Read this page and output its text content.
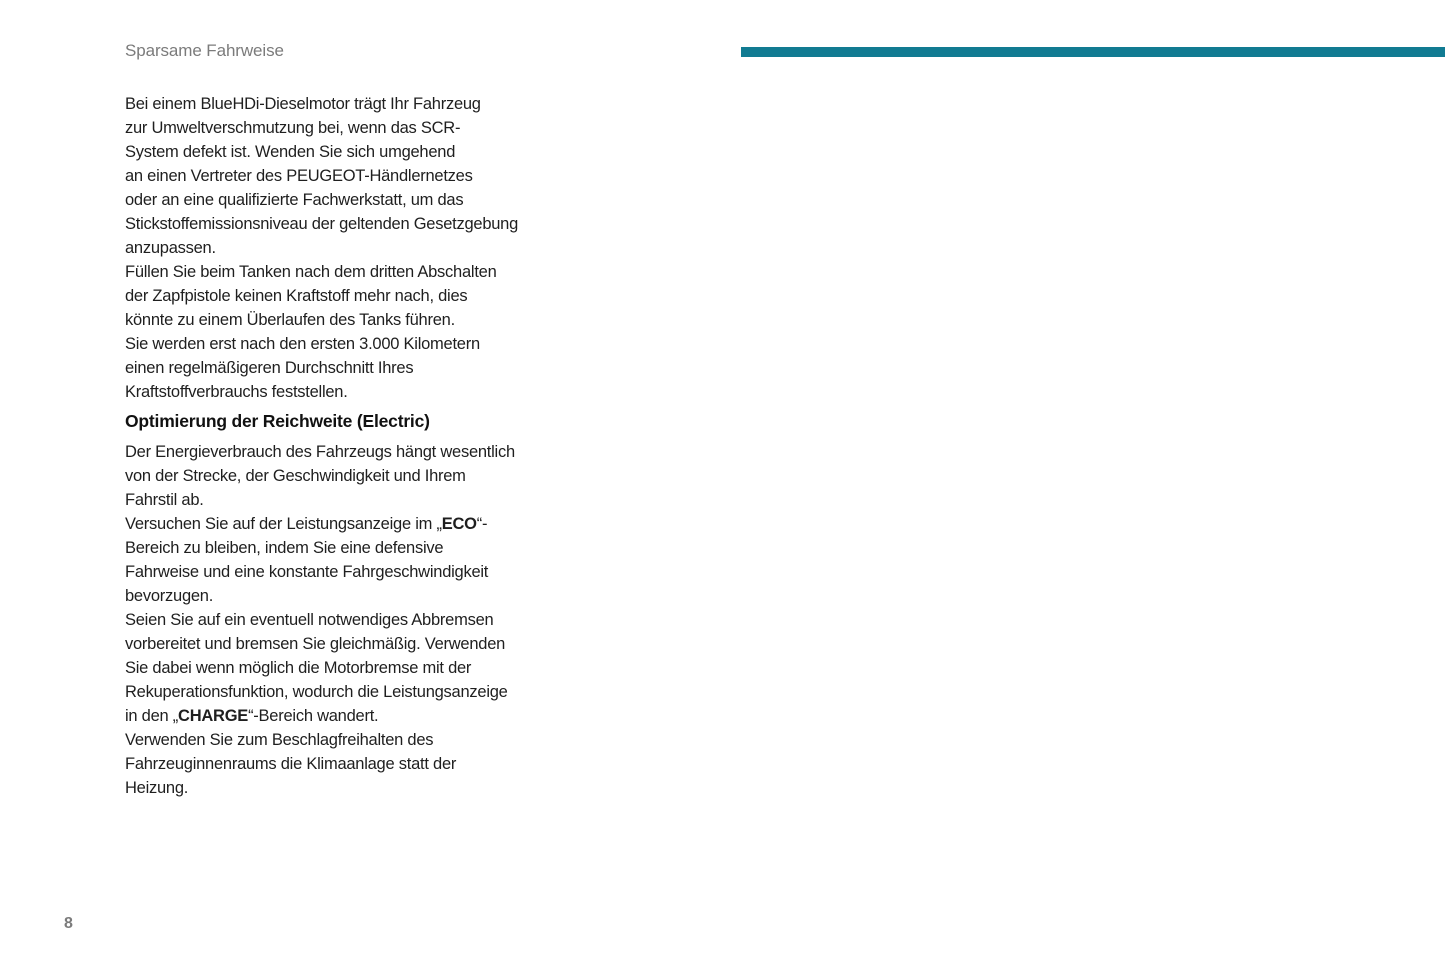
Sparsame Fahrweise

Bei einem BlueHDi-Dieselmotor trägt Ihr Fahrzeug
zur Umweltverschmutzung bei, wenn das SCR-
System defekt ist. Wenden Sie sich umgehend
an einen Vertreter des PEUGEOT-Händlernetzes
oder an eine qualifizierte Fachwerkstatt, um das
Stickstoffemissionsniveau der geltenden Gesetzgebung
anzupassen.

Füllen Sie beim Tanken nach dem dritten Abschalten
der Zapfpistole keinen Kraftstoff mehr nach, dies
könnte zu einem Überlaufen des Tanks führen.

Sie werden erst nach den ersten 3.000 Kilometern
einen regelmäßigeren Durchschnitt Ihres
Kraftstoffverbrauchs feststellen.

Optimierung der Reichweite (Electric)

Der Energieverbrauch des Fahrzeugs hängt wesentlich
von der Strecke, der Geschwindigkeit und Ihrem
Fahrstil ab.

Versuchen Sie auf der Leistungsanzeige im „ECO“-
Bereich zu bleiben, indem Sie eine defensive
Fahrweise und eine konstante Fahrgeschwindigkeit
bevorzugen.

Seien Sie auf ein eventuell notwendiges Abbremsen
vorbereitet und bremsen Sie gleichmäßig. Verwenden
Sie dabei wenn möglich die Motorbremse mit der
Rekuperationsfunktion, wodurch die Leistungsanzeige
in den „CHARGE“-Bereich wandert.

Verwenden Sie zum Beschlagfreihalten des
Fahrzeuginnenraums die Klimaanlage statt der
Heizung.

8
